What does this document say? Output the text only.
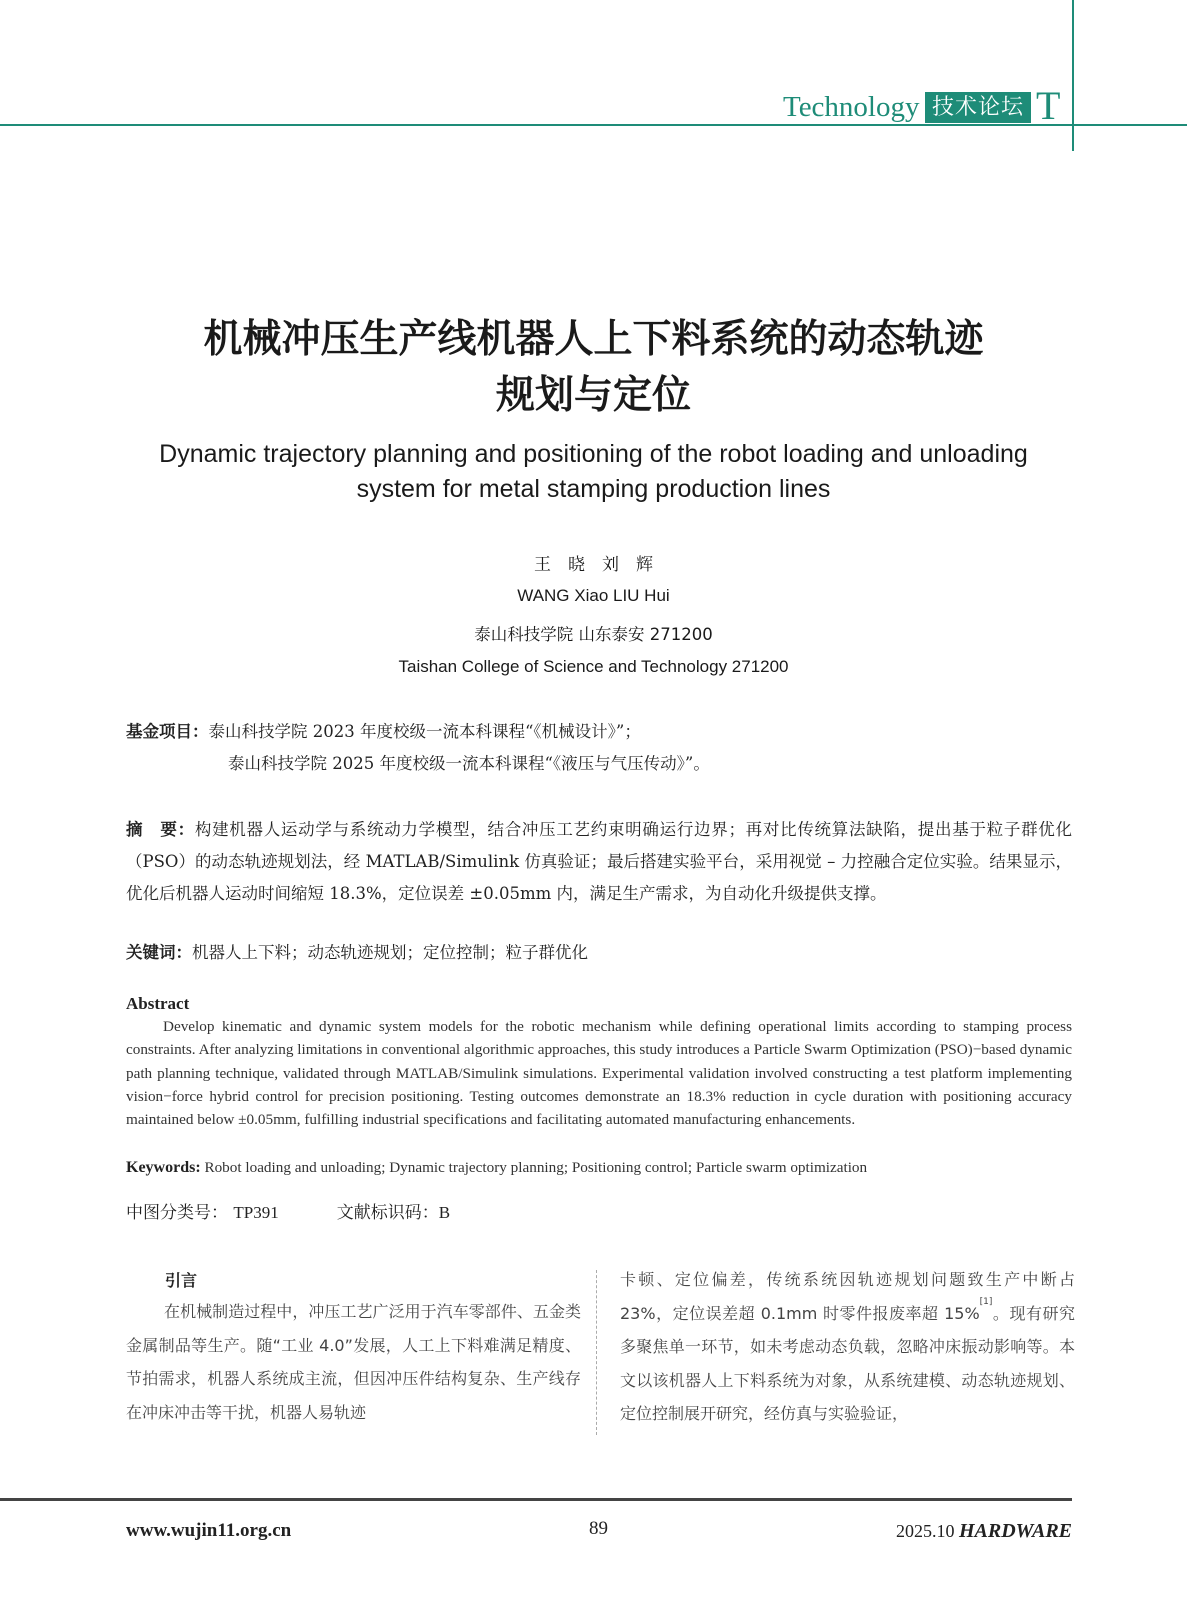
Technology 技术论坛 T
机械冲压生产线机器人上下料系统的动态轨迹
规划与定位
Dynamic trajectory planning and positioning of the robot loading and unloading
system for metal stamping production lines
王　晓　刘　辉
WANG Xiao LIU Hui
泰山科技学院 山东泰安 271200
Taishan College of Science and Technology 271200
基金项目：泰山科技学院 2023 年度校级一流本科课程“《机械设计》”；
泰山科技学院 2025 年度校级一流本科课程“《液压与气压传动》”。
摘　要：构建机器人运动学与系统动力学模型，结合冲压工艺约束明确运行边界；再对比传统算法缺陷，提出基于粒子群优化（PSO）的动态轨迹规划法，经 MATLAB/Simulink 仿真验证；最后搭建实验平台，采用视觉 – 力控融合定位实验。结果显示，优化后机器人运动时间缩短 18.3%，定位误差 ±0.05mm 内，满足生产需求，为自动化升级提供支撑。
关键词：机器人上下料；动态轨迹规划；定位控制；粒子群优化
Abstract
Develop kinematic and dynamic system models for the robotic mechanism while defining operational limits according to stamping process constraints. After analyzing limitations in conventional algorithmic approaches, this study introduces a Particle Swarm Optimization (PSO)−based dynamic path planning technique, validated through MATLAB/Simulink simulations. Experimental validation involved constructing a test platform implementing vision−force hybrid control for precision positioning. Testing outcomes demonstrate an 18.3% reduction in cycle duration with positioning accuracy maintained below ±0.05mm, fulfilling industrial specifications and facilitating automated manufacturing enhancements.
Keywords: Robot loading and unloading; Dynamic trajectory planning; Positioning control; Particle swarm optimization
中图分类号： TP391	文献标识码：B
引言
在机械制造过程中，冲压工艺广泛用于汽车零部件、五金类金属制品等生产。随“工业 4.0”发展，人工上下料难满足精度、节拍需求，机器人系统成主流，但因冲压件结构复杂、生产线存在冲床冲击等干扰，机器人易轨迹
卡顿、定位偏差，传统系统因轨迹规划问题致生产中断占 23%，定位误差超 0.1mm 时零件报废率超 15%[1]。现有研究多聚焦单一环节，如未考虑动态负载，忽略冲床振动影响等。本文以该机器人上下料系统为对象，从系统建模、动态轨迹规划、定位控制展开研究，经仿真与实验验证，
www.wujin11.org.cn	89	2025.10 HARDWARE
